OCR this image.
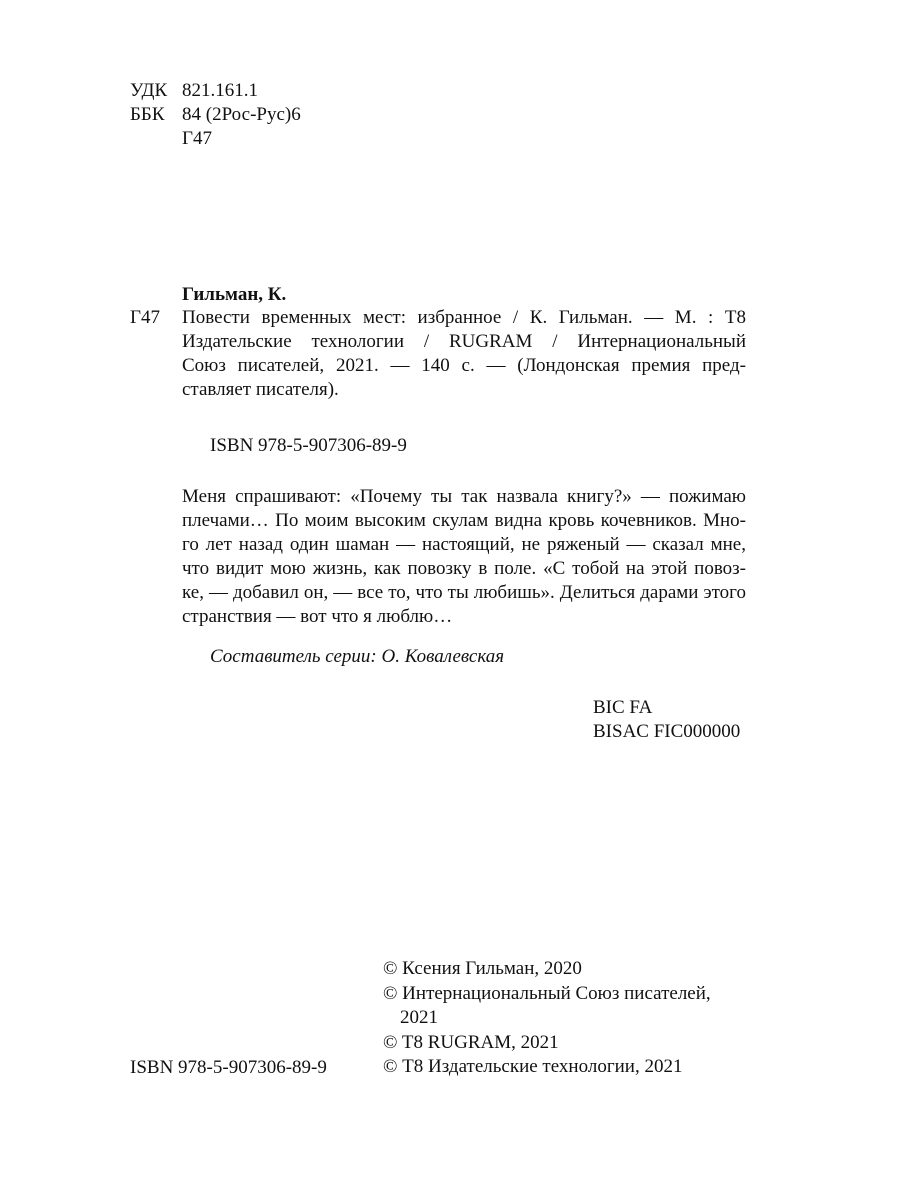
УДК 821.161.1
ББК 84 (2Рос-Рус)6
Г47
Гильман, К.
Г47 Повести временных мест: избранное / К. Гильман. — М. : Т8
Издательские технологии / RUGRAM / Интернациональный
Союз писателей, 2021. — 140 с. — (Лондонская премия пред-
ставляет писателя).
ISBN 978-5-907306-89-9
Меня спрашивают: «Почему ты так назвала книгу?» — пожимаю
плечами… По моим высоким скулам видна кровь кочевников. Мно-
го лет назад один шаман — настоящий, не ряженый — сказал мне,
что видит мою жизнь, как повозку в поле. «С тобой на этой повоз-
ке, — добавил он, — все то, что ты любишь». Делиться дарами этого
странствия — вот что я люблю…
Составитель серии: О. Ковалевская
BIC FA
BISAC FIC000000
© Ксения Гильман, 2020
© Интернациональный Союз писателей,
2021
© T8 RUGRAM, 2021
© Т8 Издательские технологии, 2021
ISBN 978-5-907306-89-9
